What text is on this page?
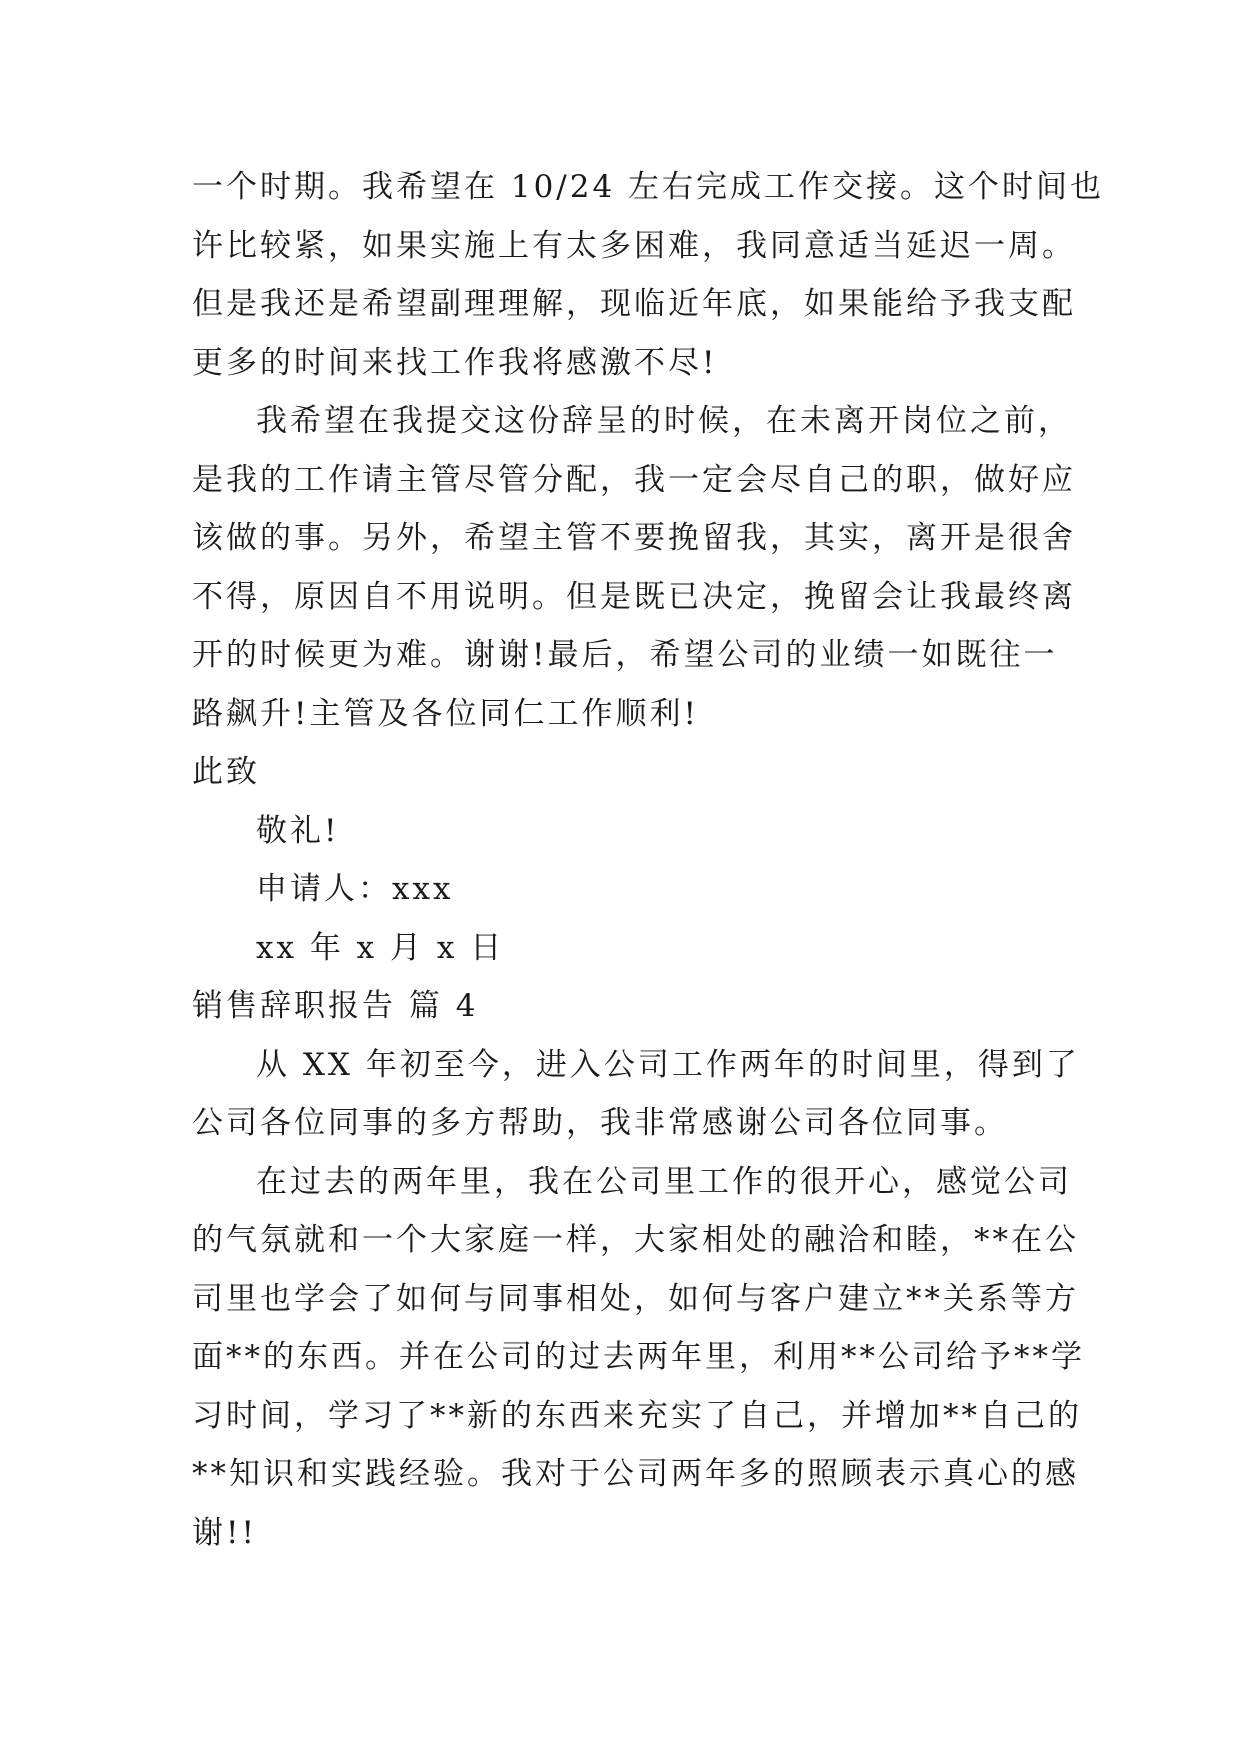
一个时期。我希望在 10/24 左右完成工作交接。这个时间也
许比较紧，如果实施上有太多困难，我同意适当延迟一周。
但是我还是希望副理理解，现临近年底，如果能给予我支配
更多的时间来找工作我将感激不尽!
我希望在我提交这份辞呈的时候，在未离开岗位之前，
是我的工作请主管尽管分配，我一定会尽自己的职，做好应
该做的事。另外，希望主管不要挽留我，其实，离开是很舍
不得，原因自不用说明。但是既已决定，挽留会让我最终离
开的时候更为难。谢谢!最后，希望公司的业绩一如既往一
路飙升!主管及各位同仁工作顺利!
此致
敬礼!
申请人：xxx
xx 年 x 月 x 日
销售辞职报告 篇 4
从 XX 年初至今，进入公司工作两年的时间里，得到了
公司各位同事的多方帮助，我非常感谢公司各位同事。
在过去的两年里，我在公司里工作的很开心，感觉公司
的气氛就和一个大家庭一样，大家相处的融洽和睦，**在公
司里也学会了如何与同事相处，如何与客户建立**关系等方
面**的东西。并在公司的过去两年里，利用**公司给予**学
习时间，学习了**新的东西来充实了自己，并增加**自己的
**知识和实践经验。我对于公司两年多的照顾表示真心的感
谢!!
